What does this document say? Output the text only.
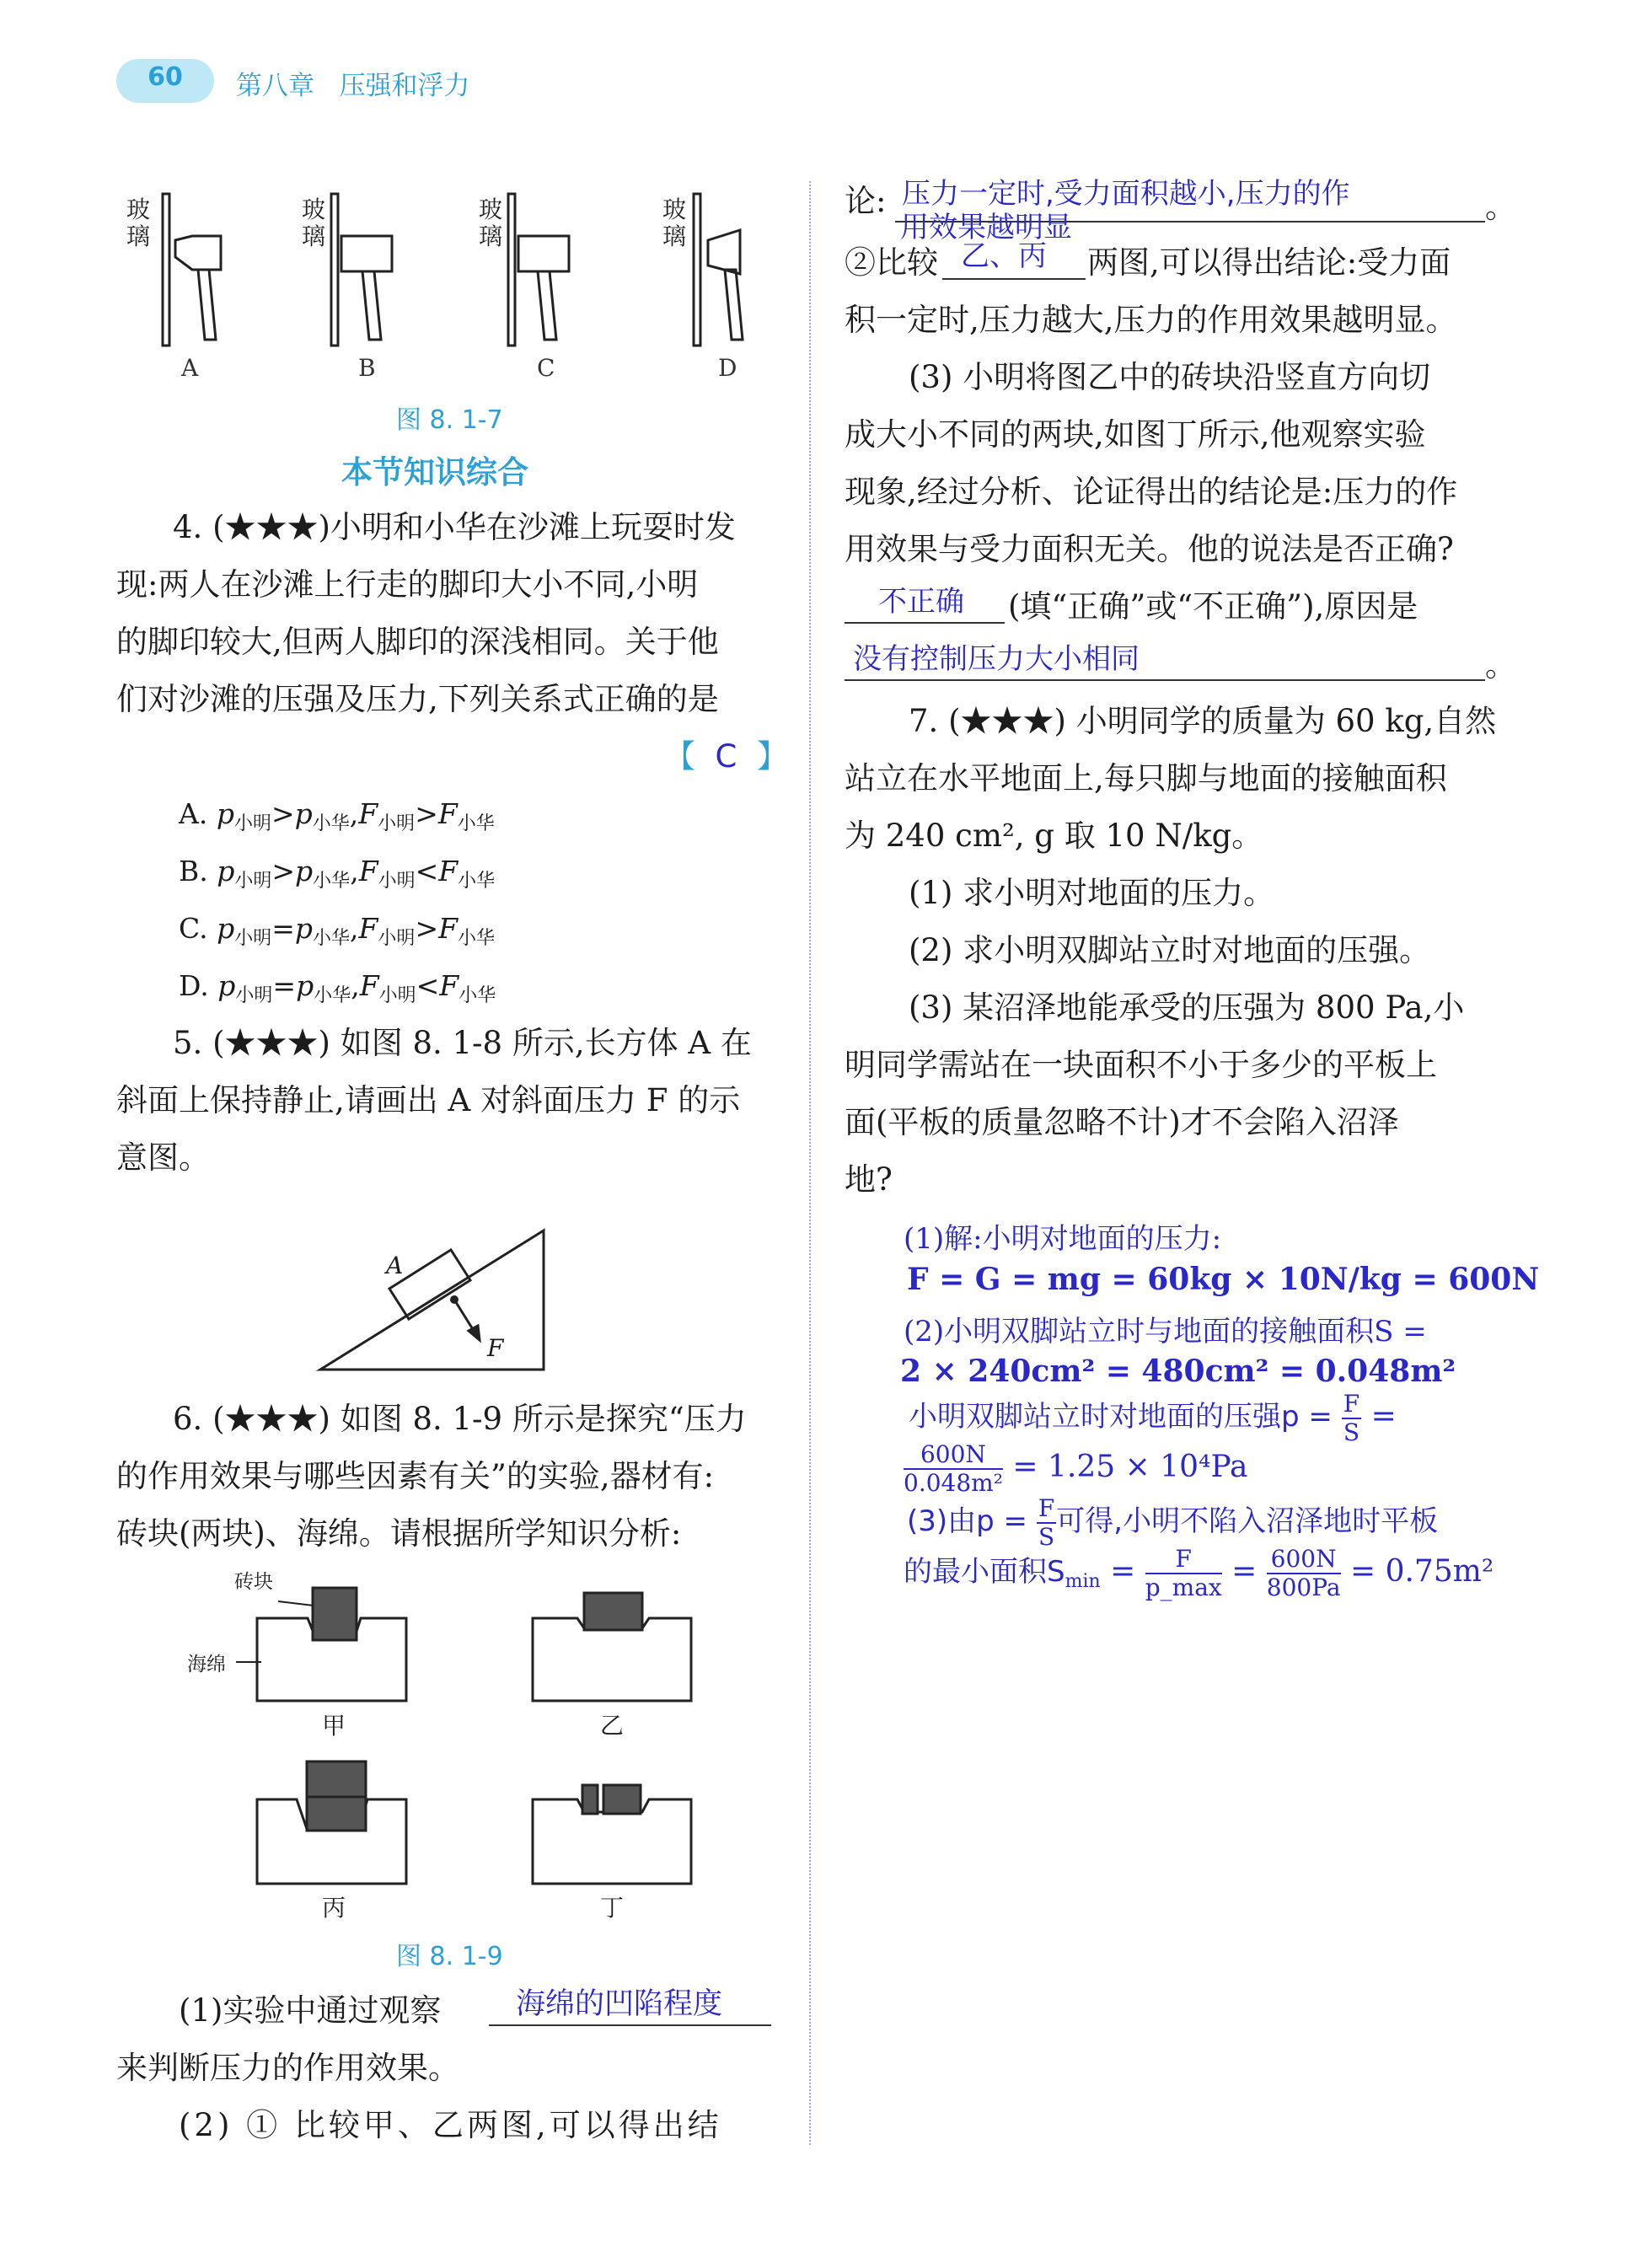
60	第八章 压强和浮力
玻璃
玻璃
玻璃
玻璃
A	B	C	D
图 8. 1-7
本节知识综合
4. (★★★)小明和小华在沙滩上玩耍时发
现:两人在沙滩上行走的脚印大小不同,小明
的脚印较大,但两人脚印的深浅相同。关于他
们对沙滩的压强及压力,下列关系式正确的是
【  C  】
A. $p_{小明}>p_{小华},F_{小明}>F_{小华}$
B. $p_{小明}>p_{小华},F_{小明}<F_{小华}$
C. $p_{小明}=p_{小华},F_{小明}>F_{小华}$
D. $p_{小明}=p_{小华},F_{小明}<F_{小华}$
5. (★★★) 如图 8. 1-8 所示,长方体 A 在
斜面上保持静止,请画出 A 对斜面压力 F 的示
意图。
A
F
6. (★★★) 如图 8. 1-9 所示是探究“压力
的作用效果与哪些因素有关”的实验,器材有:
砖块(两块)、海绵。请根据所学知识分析:
砖块
海绵
甲	乙
丙	丁
图 8. 1-9
(1)实验中通过观察	海绵的凹陷程度
来判断压力的作用效果。
(2) ① 比较甲、乙两图,可以得出结
论: 压力一定时,受力面积越小,压力的作	。
用效果越明显
②比较 乙、丙 两图,可以得出结论:受力面
积一定时,压力越大,压力的作用效果越明显。
(3) 小明将图乙中的砖块沿竖直方向切
成大小不同的两块,如图丁所示,他观察实验
现象,经过分析、论证得出的结论是:压力的作
用效果与受力面积无关。他的说法是否正确?
不正确 (填“正确”或“不正确”),原因是
没有控制压力大小相同	。
7. (★★★) 小明同学的质量为 60 kg,自然
站立在水平地面上,每只脚与地面的接触面积
为 240 cm², g 取 10 N/kg。
(1) 求小明对地面的压力。
(2) 求小明双脚站立时对地面的压强。
(3) 某沼泽地能承受的压强为 800 Pa,小
明同学需站在一块面积不小于多少的平板上
面(平板的质量忽略不计)才不会陷入沼泽
地?
(1)解:小明对地面的压力:
F = G = mg = 60kg × 10N/kg = 600N
(2)小明双脚站立时与地面的接触面积S =
2 × 240cm² = 480cm² = 0.048m²
小明双脚站立时对地面的压强$p = \frac{F}{S}$ =
$\frac{600N}{\text{0.048m²}} = 1.25 \times 10^4Pa$
(3)由$p = \frac{F}{S}$ 可得,小明不陷入沼泽地时平板
的最小面积$S_{min} = \frac{F}{p\_\max} = \frac{600N}{800Pa} = 0.75m^2$
